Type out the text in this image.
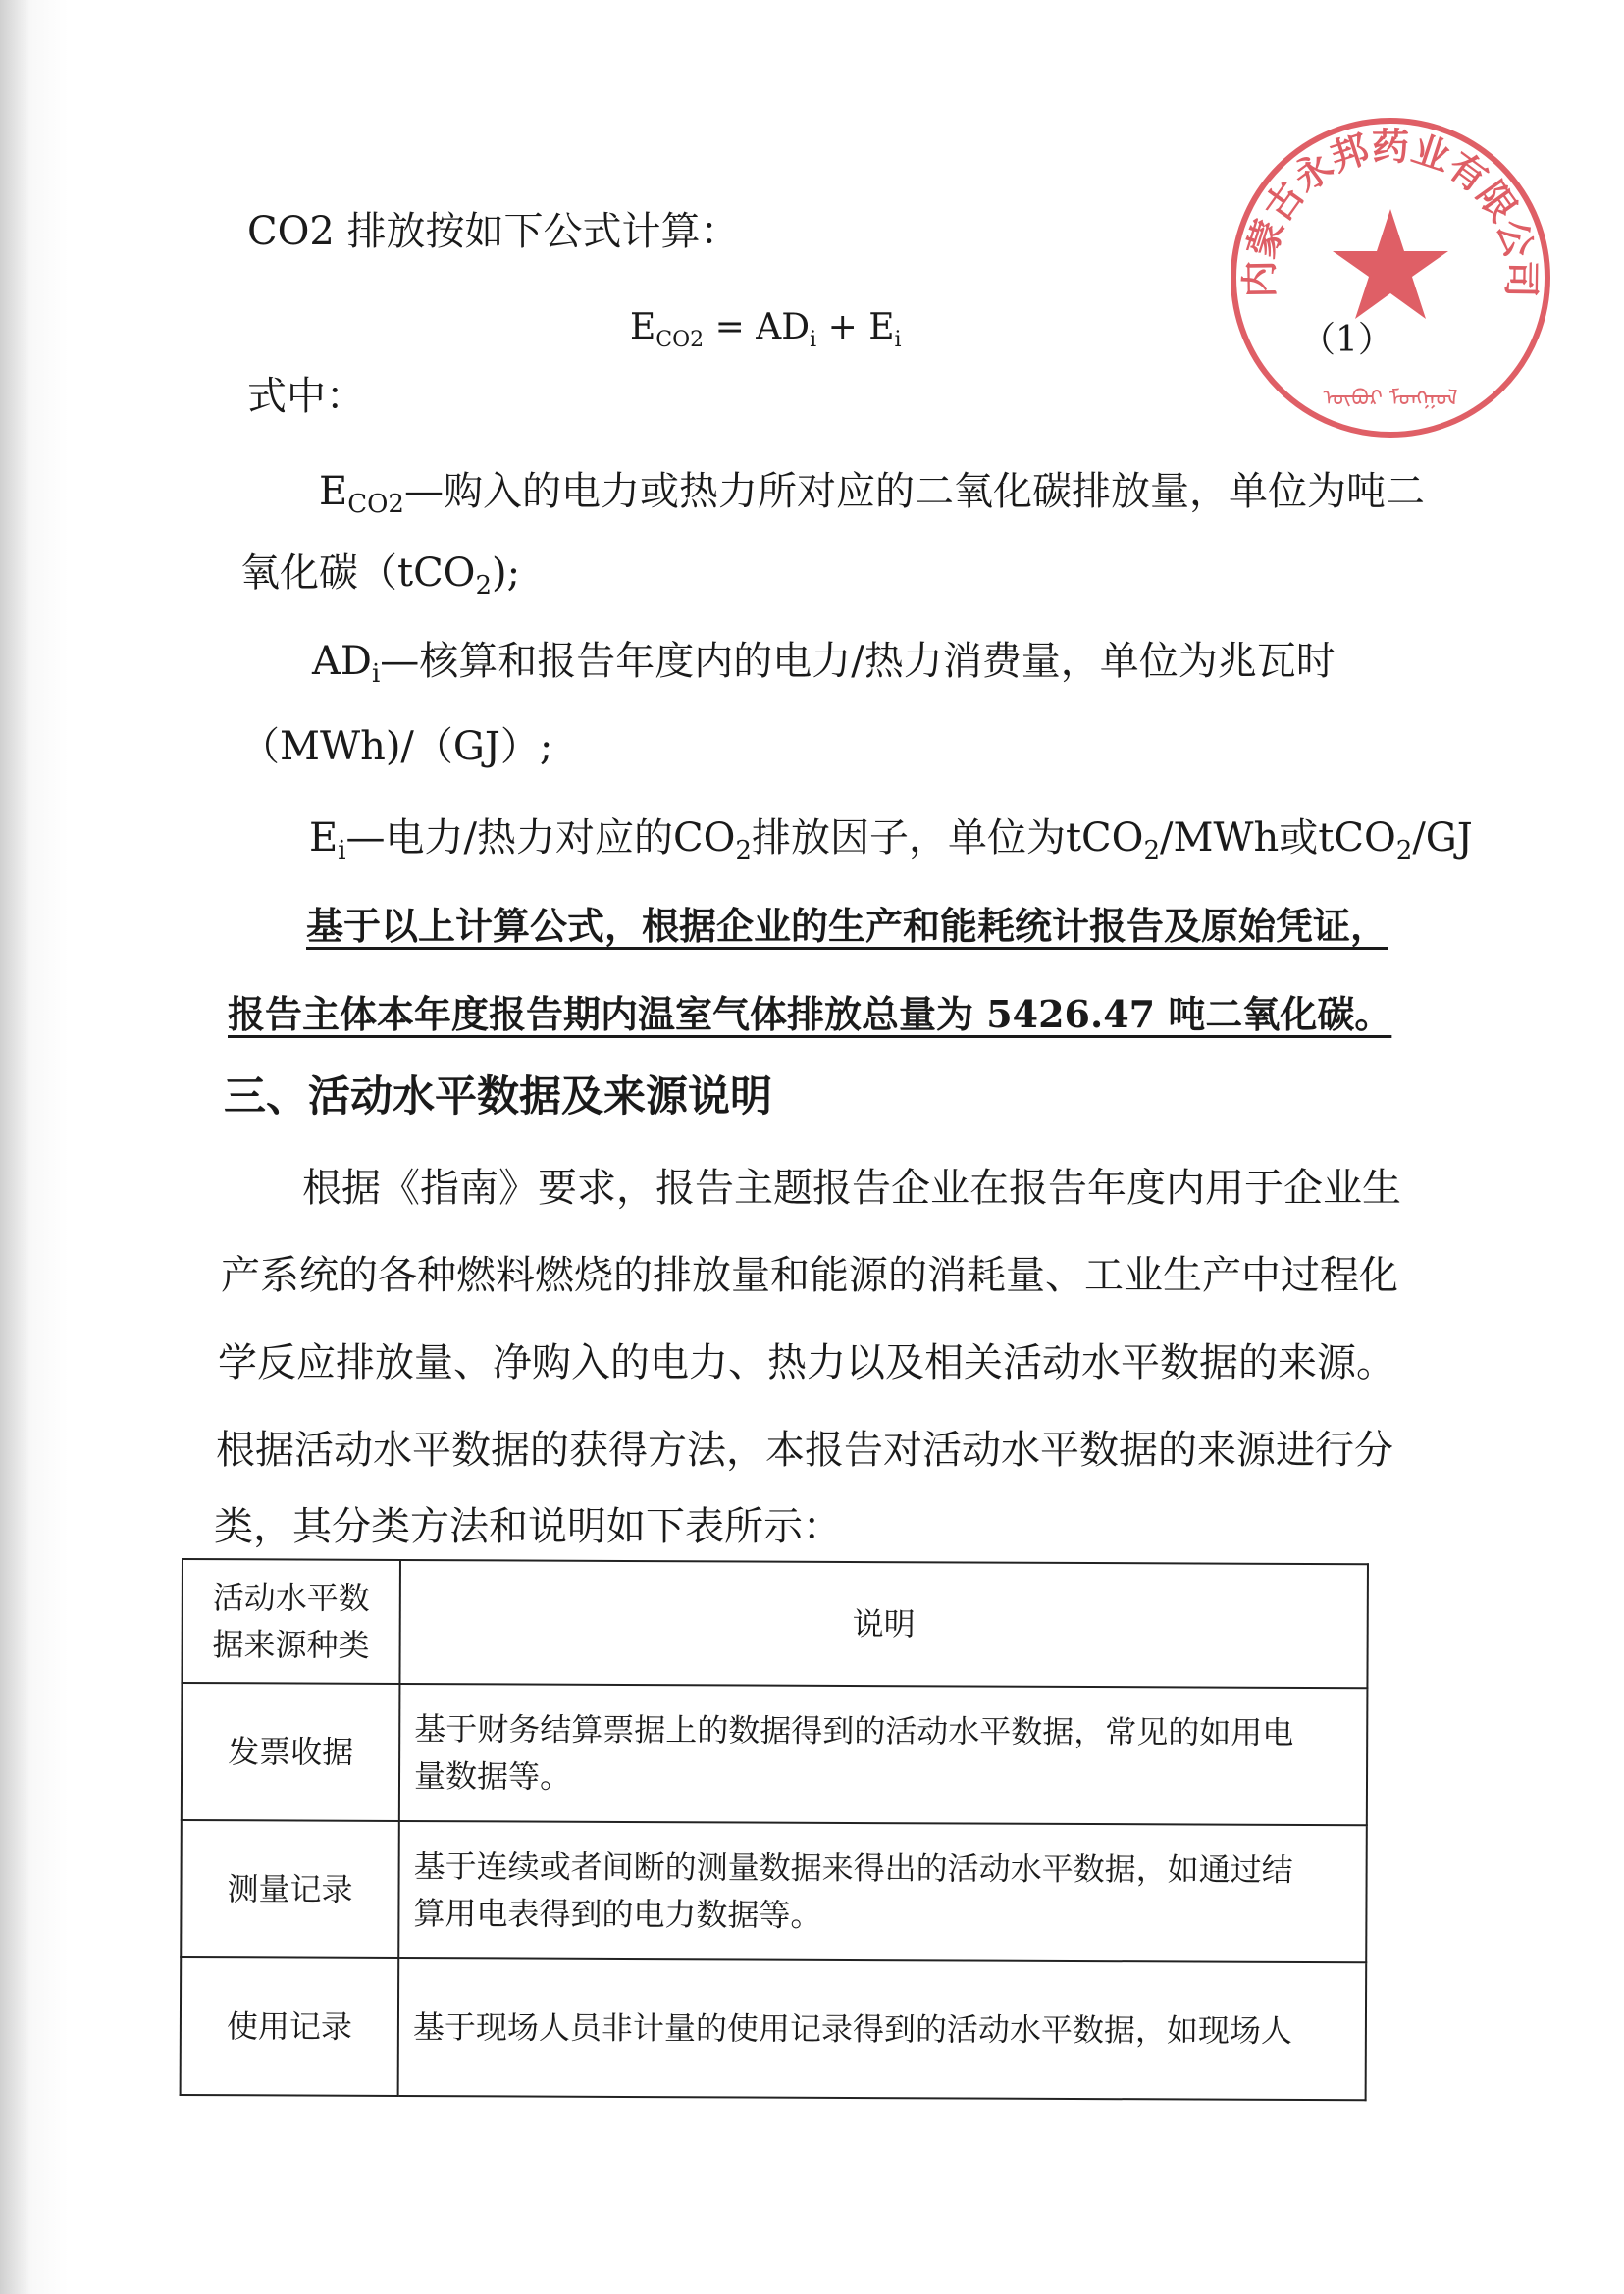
内蒙古永邦药业有限公司
ᠥᠪᠦᠷ ᠮᠣᠩᠭᠣᠯ
CO2 排放按如下公式计算：
$E_{CO2} = AD_i + E_i$	（1）
式中：
$E_{CO2}—$购入的电力或热力所对应的二氧化碳排放量，单位为吨二
氧化碳（tCO$_2$);
$AD_i—$核算和报告年度内的电力/热力消费量，单位为兆瓦时
（MWh)/（GJ）;
$E_i—$电力/热力对应的$CO_2$排放因子，单位为tCO$_2$/MWh或tCO$_2$/GJ
基于以上计算公式，根据企业的生产和能耗统计报告及原始凭证，
报告主体本年度报告期内温室气体排放总量为 5426.47 吨二氧化碳。
三、活动水平数据及来源说明
根据《指南》要求，报告主题报告企业在报告年度内用于企业生
产系统的各种燃料燃烧的排放量和能源的消耗量、工业生产中过程化
学反应排放量、净购入的电力、热力以及相关活动水平数据的来源。
根据活动水平数据的获得方法，本报告对活动水平数据的来源进行分
类，其分类方法和说明如下表所示：
活动水平数
据来源种类	说明
发票收据	基于财务结算票据上的数据得到的活动水平数据，常见的如用电
量数据等。

测量记录	基于连续或者间断的测量数据来得出的活动水平数据，如通过结
算用电表得到的电力数据等。

使用记录	基于现场人员非计量的使用记录得到的活动水平数据，如现场人
